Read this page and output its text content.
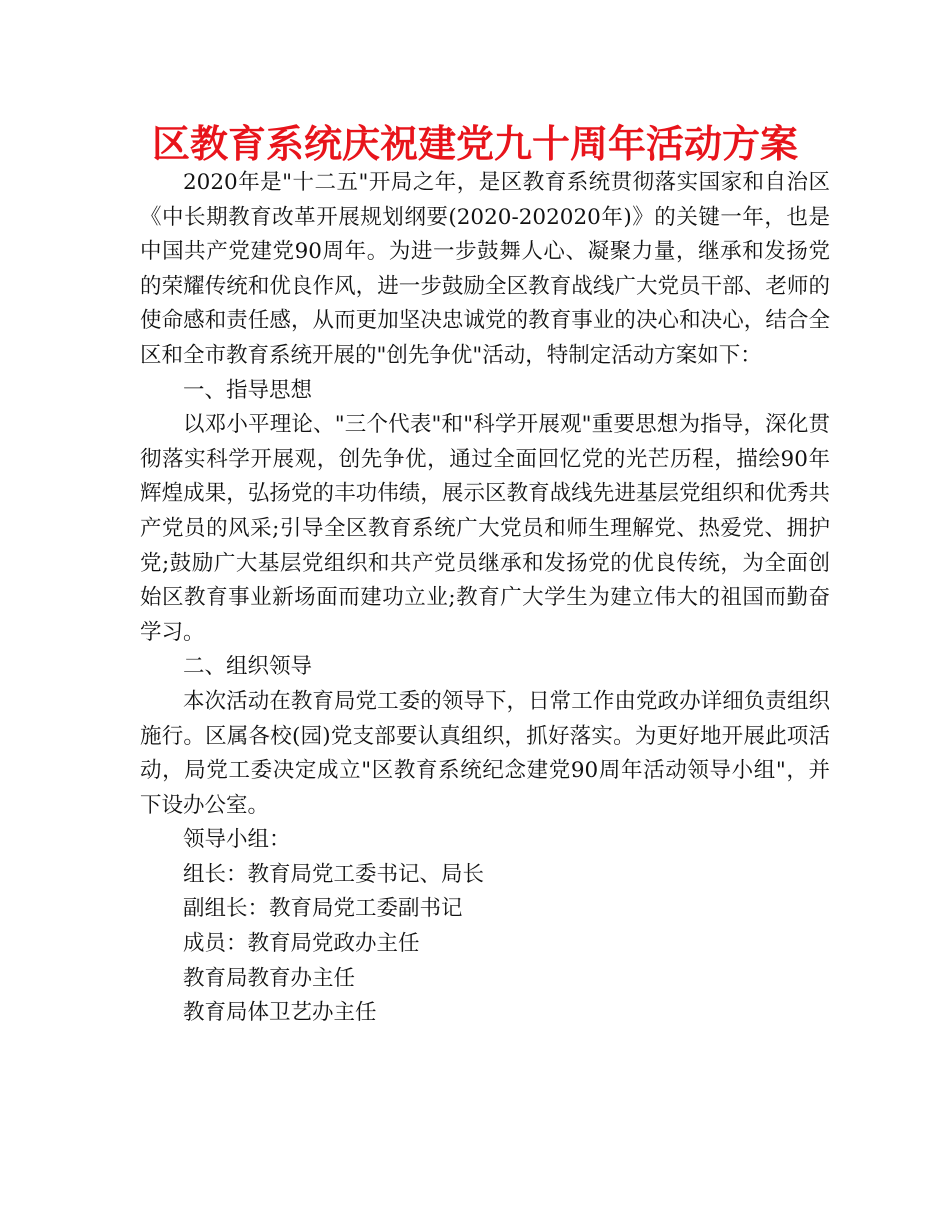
区教育系统庆祝建党九十周年活动方案

2020年是"十二五"开局之年，是区教育系统贯彻落实国家和自治区《中长期教育改革开展规划纲要(2020-202020年)》的关键一年，也是中国共产党建党90周年。为进一步鼓舞人心、凝聚力量，继承和发扬党的荣耀传统和优良作风，进一步鼓励全区教育战线广大党员干部、老师的使命感和责任感，从而更加坚决忠诚党的教育事业的决心和决心，结合全区和全市教育系统开展的"创先争优"活动，特制定活动方案如下：

一、指导思想

以邓小平理论、"三个代表"和"科学开展观"重要思想为指导，深化贯彻落实科学开展观，创先争优，通过全面回忆党的光芒历程，描绘90年辉煌成果，弘扬党的丰功伟绩，展示区教育战线先进基层党组织和优秀共产党员的风采;引导全区教育系统广大党员和师生理解党、热爱党、拥护党;鼓励广大基层党组织和共产党员继承和发扬党的优良传统，为全面创始区教育事业新场面而建功立业;教育广大学生为建立伟大的祖国而勤奋学习。

二、组织领导

本次活动在教育局党工委的领导下，日常工作由党政办详细负责组织施行。区属各校(园)党支部要认真组织，抓好落实。为更好地开展此项活动，局党工委决定成立"区教育系统纪念建党90周年活动领导小组"，并下设办公室。

领导小组：

组长：教育局党工委书记、局长

副组长：教育局党工委副书记

成员：教育局党政办主任

教育局教育办主任

教育局体卫艺办主任
